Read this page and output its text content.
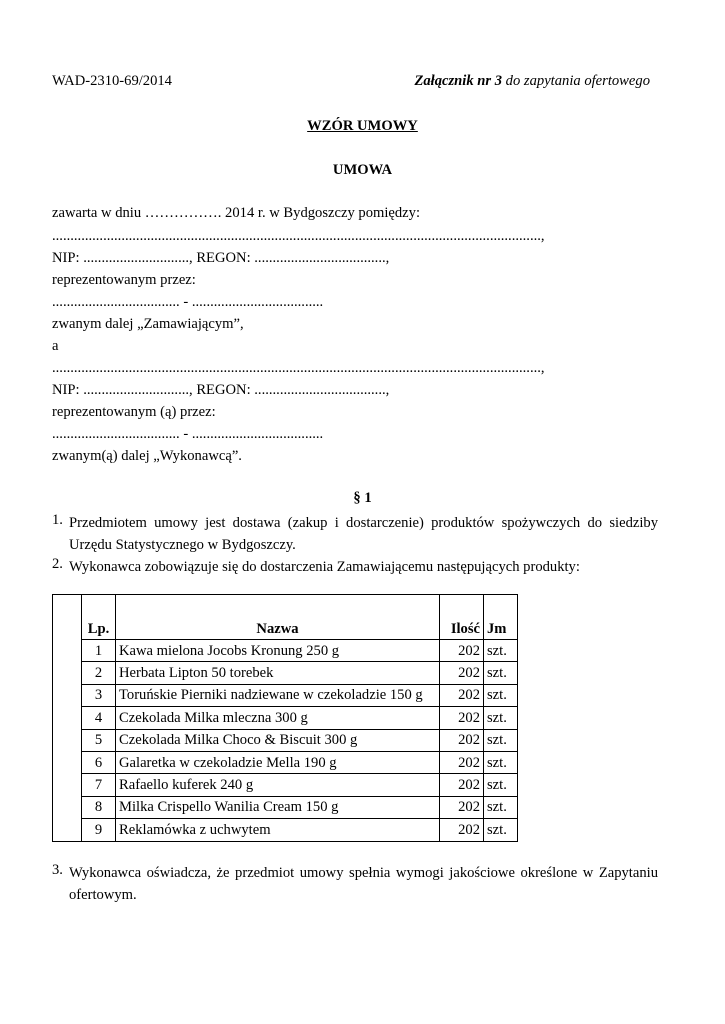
WAD-2310-69/2014	Załącznik nr 3 do zapytania ofertowego
WZÓR UMOWY
UMOWA
zawarta w dniu ……………. 2014 r. w Bydgoszczy pomiędzy:
......................................................................................................................................,
NIP: ............................., REGON: ....................................,
reprezentowanym przez:
................................... - ....................................
zwanym dalej „Zamawiającym”,
a
......................................................................................................................................,
NIP: ............................., REGON: ....................................,
reprezentowanym (ą) przez:
................................... - ....................................
zwanym(ą) dalej „Wykonawcą”.
§ 1
1. Przedmiotem umowy jest dostawa (zakup i dostarczenie) produktów spożywczych do siedziby Urzędu Statystycznego w Bydgoszczy.
2. Wykonawca zobowiązuje się do dostarczenia Zamawiającemu następujących produkty:
	Lp.	Nazwa	Ilość	Jm
	1	Kawa mielona Jocobs Kronung 250 g	202	szt.
	2	Herbata Lipton 50 torebek	202	szt.
	3	Toruńskie Pierniki nadziewane w czekoladzie 150 g	202	szt.
	4	Czekolada Milka mleczna 300 g	202	szt.
	5	Czekolada Milka Choco & Biscuit 300 g	202	szt.
	6	Galaretka w czekoladzie Mella 190 g	202	szt.
	7	Rafaello kuferek 240 g	202	szt.
	8	Milka Crispello Wanilia Cream 150 g	202	szt.
	9	Reklamówka z uchwytem	202	szt.
3. Wykonawca oświadcza, że przedmiot umowy spełnia wymogi jakościowe określone w Zapytaniu ofertowym.
